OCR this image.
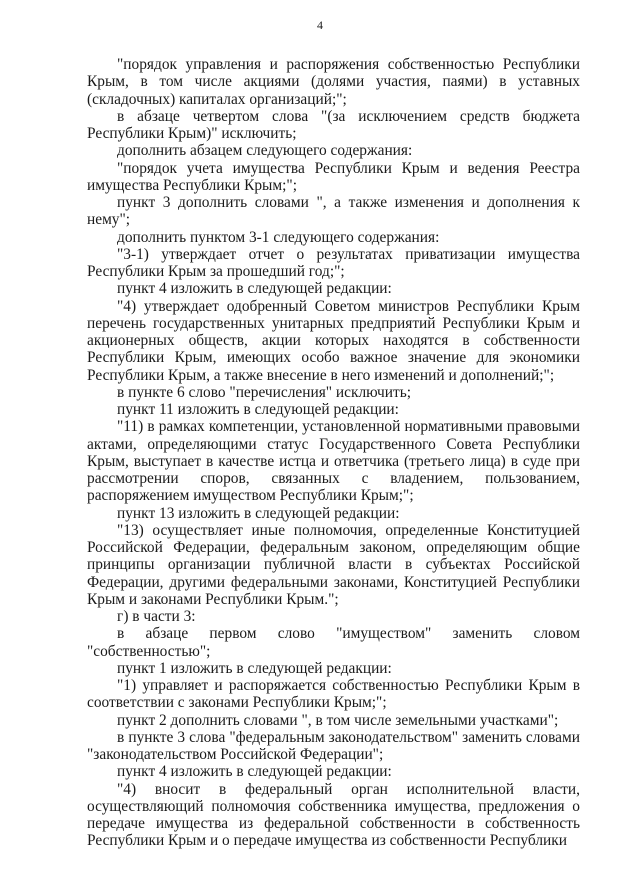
4

"порядок управления и распоряжения собственностью Республики Крым, в том числе акциями (долями участия, паями) в уставных (складочных) капиталах организаций;";

в абзаце четвертом слова "(за исключением средств бюджета Республики Крым)" исключить;

дополнить абзацем следующего содержания:

"порядок учета имущества Республики Крым и ведения Реестра имущества Республики Крым;";

пункт 3 дополнить словами ", а также изменения и дополнения к нему";

дополнить пунктом 3-1 следующего содержания:

"3-1) утверждает отчет о результатах приватизации имущества Республики Крым за прошедший год;";

пункт 4 изложить в следующей редакции:

"4) утверждает одобренный Советом министров Республики Крым перечень государственных унитарных предприятий Республики Крым и акционерных обществ, акции которых находятся в собственности Республики Крым, имеющих особо важное значение для экономики Республики Крым, а также внесение в него изменений и дополнений;";

в пункте 6 слово "перечисления" исключить;

пункт 11 изложить в следующей редакции:

"11) в рамках компетенции, установленной нормативными правовыми актами, определяющими статус Государственного Совета Республики Крым, выступает в качестве истца и ответчика (третьего лица) в суде при рассмотрении споров, связанных с владением, пользованием, распоряжением имуществом Республики Крым;";

пункт 13 изложить в следующей редакции:

"13) осуществляет иные полномочия, определенные Конституцией Российской Федерации, федеральным законом, определяющим общие принципы организации публичной власти в субъектах Российской Федерации, другими федеральными законами, Конституцией Республики Крым и законами Республики Крым.";

г) в части 3:

в абзаце первом слово "имуществом" заменить словом "собственностью";

пункт 1 изложить в следующей редакции:

"1) управляет и распоряжается собственностью Республики Крым в соответствии с законами Республики Крым;";

пункт 2 дополнить словами ", в том числе земельными участками";

в пункте 3 слова "федеральным законодательством" заменить словами "законодательством Российской Федерации";

пункт 4 изложить в следующей редакции:

"4) вносит в федеральный орган исполнительной власти, осуществляющий полномочия собственника имущества, предложения о передаче имущества из федеральной собственности в собственность Республики Крым и о передаче имущества из собственности Республики
